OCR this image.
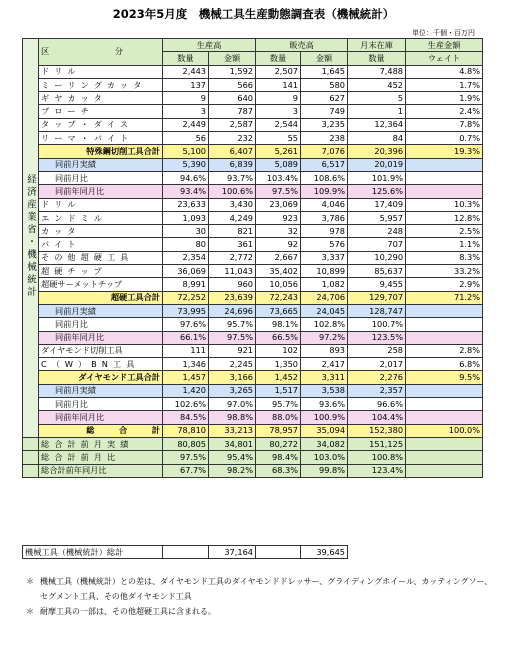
2023年5月度　機械工具生産動態調査表（機械統計）
単位：千個・百万円
経済産業省・機械統計	区　　　　　　　　分	生産高		販売高		月末在庫	生産金額
		数量	金額	数量	金額	数量	ウェイト
	ドリル	2,443	1,592	2,507	1,645	7,488	4.8%
	ミーリングカッタ	137	566	141	580	452	1.7%
	ギヤカッタ	9	640	9	627	5	1.9%
	ブローチ	3	787	3	749	1	2.4%
	タップ・ダイス	2,449	2,587	2,544	3,235	12,364	7.8%
	リーマ・バイト	56	232	55	238	84	0.7%
	特殊鋼切削工具合計	5,100	6,407	5,261	7,076	20,396	19.3%
	同前月実績	5,390	6,839	5,089	6,517	20,019	
	同前月比	94.6%	93.7%	103.4%	108.6%	101.9%	
	同前年同月比	93.4%	100.6%	97.5%	109.9%	125.6%	
	ドリル	23,633	3,430	23,069	4,046	17,409	10.3%
	エンドミル	1,093	4,249	923	3,786	5,957	12.8%
	カッタ	30	821	32	978	248	2.5%
	バイト	80	361	92	576	707	1.1%
	その他超硬工具	2,354	2,772	2,667	3,337	10,290	8.3%
	超硬チップ	36,069	11,043	35,402	10,899	85,637	33.2%
	超硬サーメットチップ	8,991	960	10,056	1,082	9,455	2.9%
	超硬工具合計	72,252	23,639	72,243	24,706	129,707	71.2%
	同前月実績	73,995	24,696	73,665	24,045	128,747	
	同前月比	97.6%	95.7%	98.1%	102.8%	100.7%	
	同前年同月比	66.1%	97.5%	66.5%	97.2%	123.5%	
	ダイヤモンド切削工具	111	921	102	893	258	2.8%
	C（W）BN工具	1,346	2,245	1,350	2,417	2,017	6.8%
	ダイヤモンド工具合計	1,457	3,166	1,452	3,311	2,276	9.5%
	同前月実績	1,420	3,265	1,517	3,538	2,357	
	同前月比	102.6%	97.0%	95.7%	93.6%	96.6%	
	同前年同月比	84.5%	98.8%	88.0%	100.9%	104.4%	
	総　　　合　　　計	78,810	33,213	78,957	35,094	152,380	100.0%
	総合計前月実績	80,805	34,801	80,272	34,082	151,125	
	総合計前月比	97.5%	95.4%	98.4%	103.0%	100.8%	
	総合計前年同月比	67.7%	98.2%	68.3%	99.8%	123.4%	
機械工具（機械統計）総計		37,164		39,645		
＊ 機械工具（機械統計）との差は、ダイヤモンド工具のダイヤモンドドレッサー、グライディングホイール、カッティングソー、
セグメント工具、その他ダイヤモンド工具
＊ 耐摩工具の一部は、その他超硬工具に含まれる。
